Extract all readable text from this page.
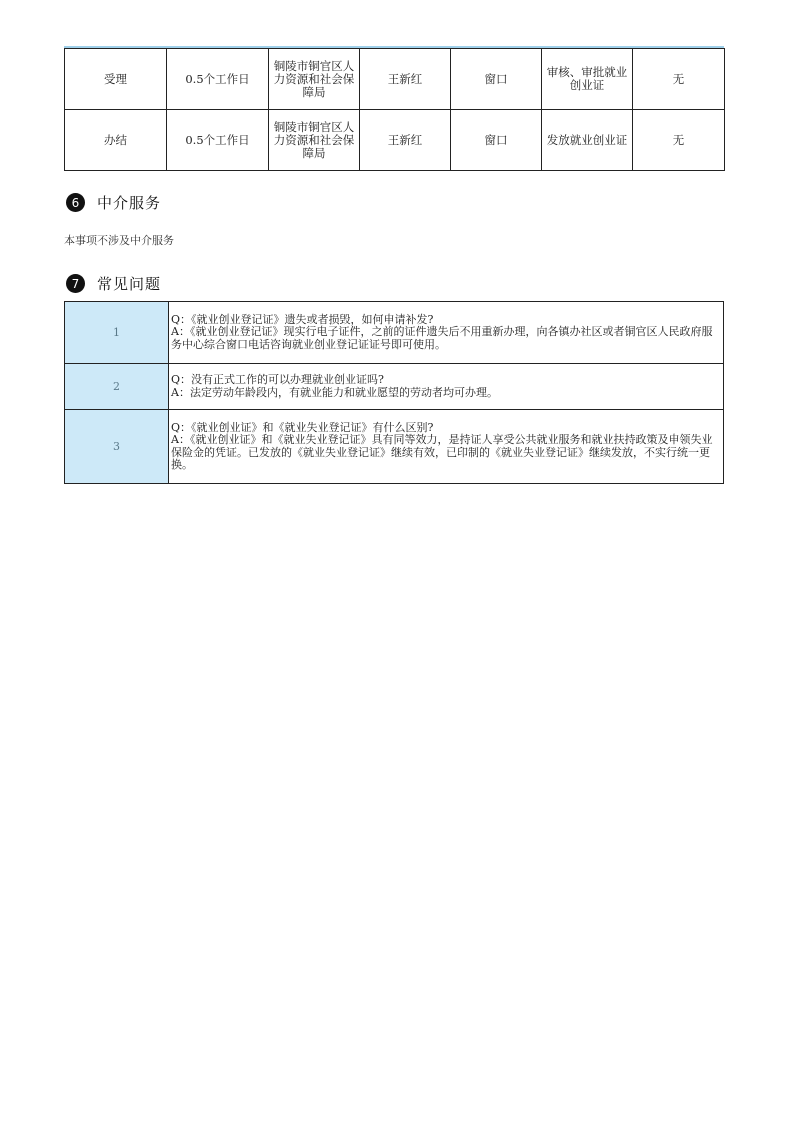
受理	0.5个工作日	铜陵市铜官区人力资源和社会保障局	王新红	窗口	审核、审批就业创业证	无
办结	0.5个工作日	铜陵市铜官区人力资源和社会保障局	王新红	窗口	发放就业创业证	无
6	中介服务
本事项不涉及中介服务
7	常见问题
1	Q：《就业创业登记证》遗失或者损毁，如何申请补发?
A：《就业创业登记证》现实行电子证件，之前的证件遗失后不用重新办理，向各镇办社区或者铜官区人民政府服务中心综合窗口电话咨询就业创业登记证证号即可使用。

2	Q：没有正式工作的可以办理就业创业证吗?
A：法定劳动年龄段内，有就业能力和就业愿望的劳动者均可办理。

3	Q：《就业创业证》和《就业失业登记证》有什么区别?
A：《就业创业证》和《就业失业登记证》具有同等效力，是持证人享受公共就业服务和就业扶持政策及申领失业保险金的凭证。已发放的《就业失业登记证》继续有效，已印制的《就业失业登记证》继续发放，不实行统一更换。
